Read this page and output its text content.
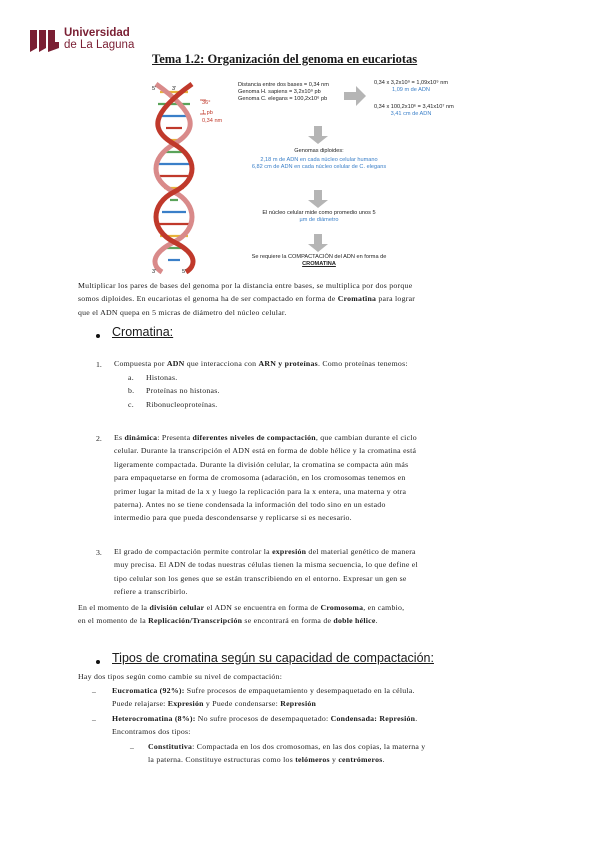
Universidad
de La Laguna
Tema 1.2: Organización del genoma en eucariotas
5'	3'
3'	5'
36°
1 pb
0,34 nm
Distancia entre dos bases = 0,34 nm
Genoma H. sapiens = 3,2x10⁹ pb
Genoma C. elegans = 100,2x10⁶ pb
0,34 x 3,2x10⁹ = 1,09x10⁹ nm
1,09 m de ADN
0,34 x 100,2x10⁶ = 3,41x10⁷ nm
3,41 cm de ADN
Genomas diploides:
2,18 m de ADN en cada núcleo celular humano
6,82 cm de ADN en cada núcleo celular de C. elegans
El núcleo celular mide como promedio unos 5
µm de diámetro
Se requiere la COMPACTACIÓN del ADN en forma de
CROMATINA
Multiplicar los pares de bases del genoma por la distancia entre bases, se multiplica por dos porque
somos diploides. En eucariotas el genoma ha de ser compactado en forma de Cromatina para lograr
que el ADN quepa en 5 micras de diámetro del núcleo celular.
Cromatina:
1. Compuesta por ADN que interacciona con ARN y proteínas. Como proteínas tenemos:
a. Histonas.
b. Proteínas no histonas.
c. Ribonucleoproteínas.
2. Es dinámica: Presenta diferentes niveles de compactación, que cambian durante el ciclo
celular. Durante la transcripción el ADN está en forma de doble hélice y la cromatina está
ligeramente compactada. Durante la división celular, la cromatina se compacta aún más
para empaquetarse en forma de cromosoma (adaración, en los cromosomas tenemos en
primer lugar la mitad de la x y luego la replicación para la x entera, una materna y otra
paterna). Antes no se tiene condensada la información del todo sino en un estado
intermedio para que pueda descondensarse y replicarse si es necesario.
3. El grado de compactación permite controlar la expresión del material genético de manera
muy precisa. El ADN de todas nuestras células tienen la misma secuencia, lo que define el
tipo celular son los genes que se están transcribiendo en el entorno. Expresar un gen se
refiere a transcribirlo.
En el momento de la división celular el ADN se encuentra en forma de Cromosoma, en cambio,
en el momento de la Replicación/Transcripción se encontrará en forma de doble hélice.
Tipos de cromatina según su capacidad de compactación:
Hay dos tipos según como cambie su nivel de compactación:
– Eucromatica (92%): Sufre procesos de empaquetamiento y desempaquetado en la célula.
Puede relajarse: Expresión y Puede condensarse: Represión
– Heterocromatina (8%): No sufre procesos de desempaquetado: Condensada: Represión.
Encontramos dos tipos:
– Constitutiva: Compactada en los dos cromosomas, en las dos copias, la materna y
la paterna. Constituye estructuras como los telómeros y centrómeros.
